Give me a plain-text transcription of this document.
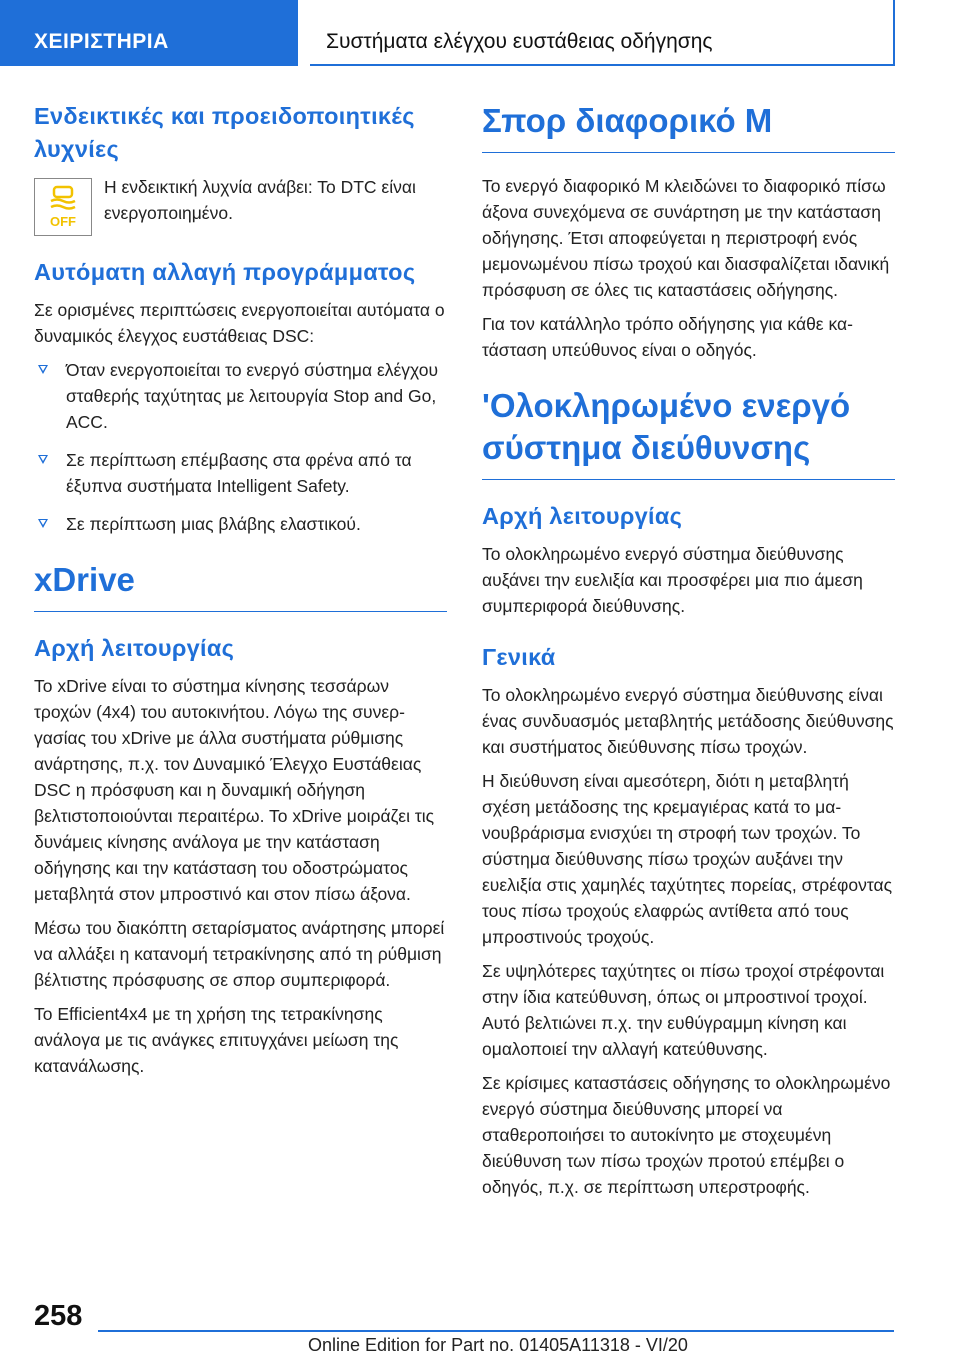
ΧΕΙΡΙΣΤΗΡΙΑ	Συστήματα ελέγχου ευστάθειας οδήγησης
Ενδεικτικές και προειδοποιητικές λυχνίες
OFF

Η ενδεικτική λυχνία ανάβει: Το DTC είναι ενεργοποιημένο.

Αυτόματη αλλαγή προγράμματος

Σε ορισμένες περιπτώσεις ενεργοποιείται αυτόματα ο δυναμικός έλεγχος ευστάθειας DSC:

Όταν ενεργοποιείται το ενεργό σύστημα ελέγχου σταθερής ταχύτητας με λειτουργία Stop and Go, ACC.
Σε περίπτωση επέμβασης στα φρένα από τα έξυπνα συστήματα Intelligent Safety.
Σε περίπτωση μιας βλάβης ελαστικού.
xDrive
Αρχή λειτουργίας

Το xDrive είναι το σύστημα κίνησης τεσσάρων τροχών (4x4) του αυτοκινήτου. Λόγω της συνεργασίας του xDrive με άλλα συστήματα ρύθμισης ανάρτησης, π.χ. τον Δυναμικό Έλεγχο Ευστάθειας DSC η πρόσφυση και η δυναμική οδήγηση βελτιστοποιούνται περαιτέρω. Το xDrive μοιράζει τις δυνάμεις κίνησης ανάλογα με την κατάσταση οδήγησης και την κατάσταση του οδοστρώματος μεταβλητά στον μπροστινό και στον πίσω άξονα.

Μέσω του διακόπτη σεταρίσματος ανάρτησης μπορεί να αλλάξει η κατανομή τετρακίνησης από τη ρύθμιση βέλτιστης πρόσφυσης σε σπορ συμπεριφορά.

Το Efficient4x4 με τη χρήση της τετρακίνησης ανάλογα με τις ανάγκες επιτυγχάνει μείωση της κατανάλωσης.

Σπορ διαφορικό M

Το ενεργό διαφορικό M κλειδώνει το διαφορικό πίσω άξονα συνεχόμενα σε συνάρτηση με την κατάσταση οδήγησης. Έτσι αποφεύγεται η περιστροφή ενός μεμονωμένου πίσω τροχού και διασφαλίζεται ιδανική πρόσφυση σε όλες τις καταστάσεις οδήγησης.

Για τον κατάλληλο τρόπο οδήγησης για κάθε κατάσταση υπεύθυνος είναι ο οδηγός.

'Ολοκληρωμένο ενεργό σύστημα διεύθυνσης
Αρχή λειτουργίας

Το ολοκληρωμένο ενεργό σύστημα διεύθυνσης αυξάνει την ευελιξία και προσφέρει μια πιο άμεση συμπεριφορά διεύθυνσης.

Γενικά

Το ολοκληρωμένο ενεργό σύστημα διεύθυνσης είναι ένας συνδυασμός μεταβλητής μετάδοσης διεύθυνσης και συστήματος διεύθυνσης πίσω τροχών.

Η διεύθυνση είναι αμεσότερη, διότι η μεταβλητή σχέση μετάδοσης της κρεμαγιέρας κατά το μανουβράρισμα ενισχύει τη στροφή των τροχών. Το σύστημα διεύθυνσης πίσω τροχών αυξάνει την ευελιξία στις χαμηλές ταχύτητες πορείας, στρέφοντας τους πίσω τροχούς ελαφρώς αντίθετα από τους μπροστινούς τροχούς.

Σε υψηλότερες ταχύτητες οι πίσω τροχοί στρέφονται στην ίδια κατεύθυνση, όπως οι μπροστινοί τροχοί. Αυτό βελτιώνει π.χ. την ευθύγραμμη κίνηση και ομαλοποιεί την αλλαγή κατεύθυνσης.

Σε κρίσιμες καταστάσεις οδήγησης το ολοκληρωμένο ενεργό σύστημα διεύθυνσης μπορεί να σταθεροποιήσει το αυτοκίνητο με στοχευμένη διεύθυνση των πίσω τροχών προτού επέμβει ο οδηγός, π.χ. σε περίπτωση υπερστροφής.

258
Online Edition for Part no. 01405A11318 - VI/20
